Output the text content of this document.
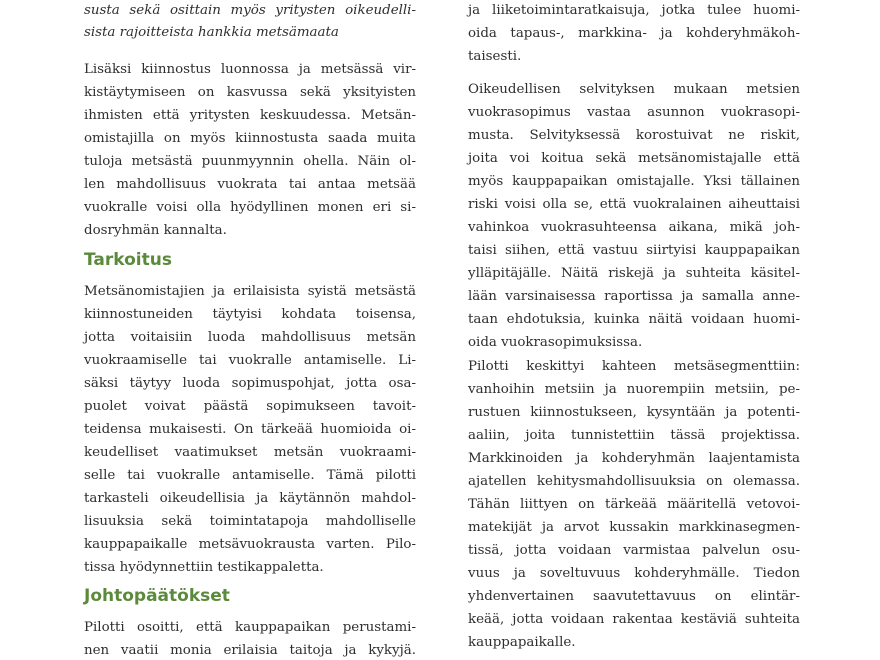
susta sekä osittain myös yritysten oikeudelli-
sista rajoitteista hankkia metsämaata
Lisäksi kiinnostus luonnossa ja metsässä vir-
kistäytymiseen on kasvussa sekä yksityisten
ihmisten että yritysten keskuudessa. Metsän-
omistajilla on myös kiinnostusta saada muita
tuloja metsästä puunmyynnin ohella. Näin ol-
len mahdollisuus vuokrata tai antaa metsää
vuokralle voisi olla hyödyllinen monen eri si-
dosryhmän kannalta.
Tarkoitus
Metsänomistajien ja erilaisista syistä metsästä
kiinnostuneiden täytyisi kohdata toisensa,
jotta voitaisiin luoda mahdollisuus metsän
vuokraamiselle tai vuokralle antamiselle. Li-
säksi täytyy luoda sopimuspohjat, jotta osa-
puolet voivat päästä sopimukseen tavoit-
teidensa mukaisesti. On tärkeää huomioida oi-
keudelliset vaatimukset metsän vuokraami-
selle tai vuokralle antamiselle. Tämä pilotti
tarkasteli oikeudellisia ja käytännön mahdol-
lisuuksia sekä toimintatapoja mahdolliselle
kauppapaikalle metsävuokrausta varten. Pilo-
tissa hyödynnettiin testikappaletta.
Johtopäätökset
Pilotti osoitti, että kauppapaikan perustami-
nen vaatii monia erilaisia taitoja ja kykyjä.
ja liiketoimintaratkaisuja, jotka tulee huomi-
oida tapaus-, markkina- ja kohderyhmäkoh-
taisesti.
Oikeudellisen selvityksen mukaan metsien
vuokrasopimus vastaa asunnon vuokrasopi-
musta. Selvityksessä korostuivat ne riskit,
joita voi koitua sekä metsänomistajalle että
myös kauppapaikan omistajalle. Yksi tällainen
riski voisi olla se, että vuokralainen aiheuttaisi
vahinkoa vuokrasuhteensa aikana, mikä joh-
taisi siihen, että vastuu siirtyisi kauppapaikan
ylläpitäjälle. Näitä riskejä ja suhteita käsitel-
lään varsinaisessa raportissa ja samalla anne-
taan ehdotuksia, kuinka näitä voidaan huomi-
oida vuokrasopimuksissa.
Pilotti keskittyi kahteen metsäsegmenttiin:
vanhoihin metsiin ja nuorempiin metsiin, pe-
rustuen kiinnostukseen, kysyntään ja potenti-
aaliin, joita tunnistettiin tässä projektissa.
Markkinoiden ja kohderyhmän laajentamista
ajatellen kehitysmahdollisuuksia on olemassa.
Tähän liittyen on tärkeää määritellä vetovoi-
matekijät ja arvot kussakin markkinasegmen-
tissä, jotta voidaan varmistaa palvelun osu-
vuus ja soveltuvuus kohderyhmälle. Tiedon
yhdenvertainen saavutettavuus on elintär-
keää, jotta voidaan rakentaa kestäviä suhteita
kauppapaikalle.
